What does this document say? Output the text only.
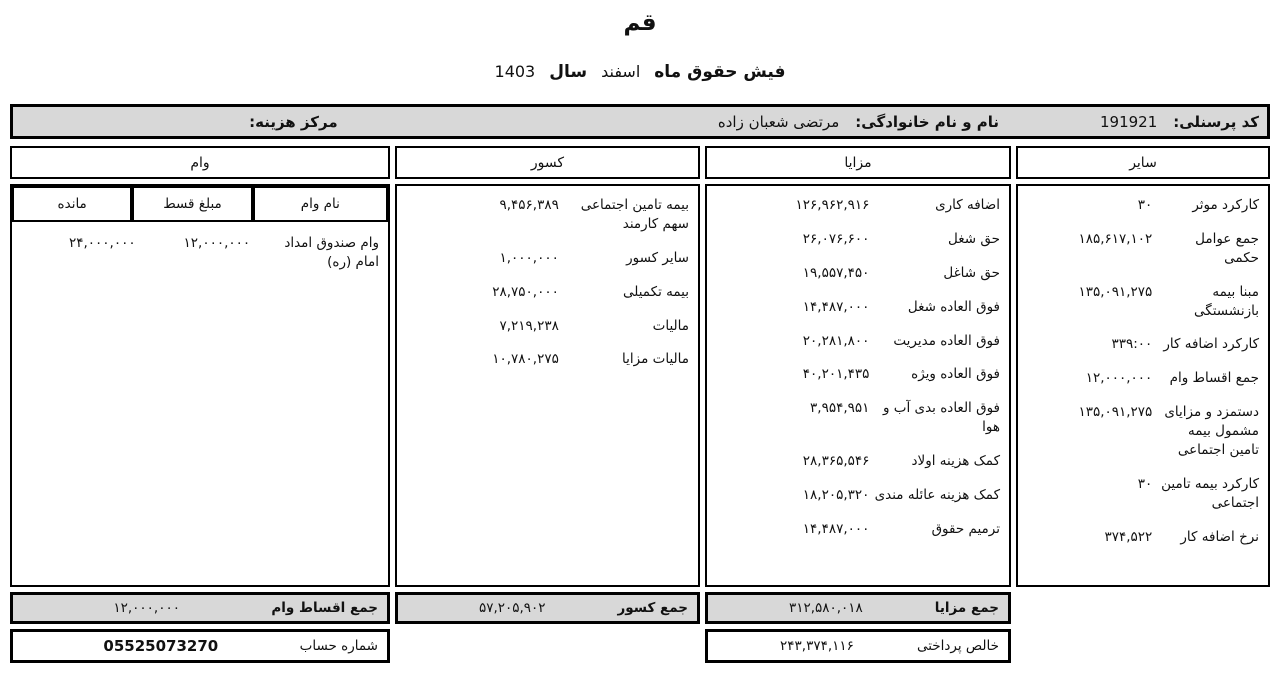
قم
فیش حقوق ماه
اسفند
سال
1403
کد پرسنلی:
191921
نام و نام خانوادگی:
مرتضی شعبان زاده
مرکز هزینه:
سایر
کارکرد موثر
۳۰
جمع عوامل حکمی
۱۸۵,۶۱۷,۱۰۲
مبنا بیمه بازنشستگی
۱۳۵,۰۹۱,۲۷۵
کارکرد اضافه کار
۳۳۹:۰۰
جمع اقساط وام
۱۲,۰۰۰,۰۰۰
دستمزد و مزایای مشمول بیمه تامین اجتماعی
۱۳۵,۰۹۱,۲۷۵
کارکرد بیمه تامین اجتماعی
۳۰
نرخ اضافه کار
۳۷۴,۵۲۲
مزایا
اضافه کاری
۱۲۶,۹۶۲,۹۱۶
حق شغل
۲۶,۰۷۶,۶۰۰
حق شاغل
۱۹,۵۵۷,۴۵۰
فوق العاده شغل
۱۴,۴۸۷,۰۰۰
فوق العاده مدیریت
۲۰,۲۸۱,۸۰۰
فوق العاده ویژه
۴۰,۲۰۱,۴۳۵
فوق العاده بدی آب و هوا
۳,۹۵۴,۹۵۱
کمک هزینه اولاد
۲۸,۳۶۵,۵۴۶
کمک هزینه عائله مندی
۱۸,۲۰۵,۳۲۰
ترمیم حقوق
۱۴,۴۸۷,۰۰۰
جمع مزایا
۳۱۲,۵۸۰,۰۱۸
خالص پرداختی
۲۴۳,۳۷۴,۱۱۶
کسور
بیمه تامین اجتماعی سهم کارمند
۹,۴۵۶,۳۸۹
سایر کسور
۱,۰۰۰,۰۰۰
بیمه تکمیلی
۲۸,۷۵۰,۰۰۰
مالیات
۷,۲۱۹,۲۳۸
مالیات مزایا
۱۰,۷۸۰,۲۷۵
جمع کسور
۵۷,۲۰۵,۹۰۲
وام
نام وام
مبلغ قسط
مانده
وام صندوق امداد امام (ره)
۱۲,۰۰۰,۰۰۰
۲۴,۰۰۰,۰۰۰
جمع اقساط وام
۱۲,۰۰۰,۰۰۰
شماره حساب
05525073270
